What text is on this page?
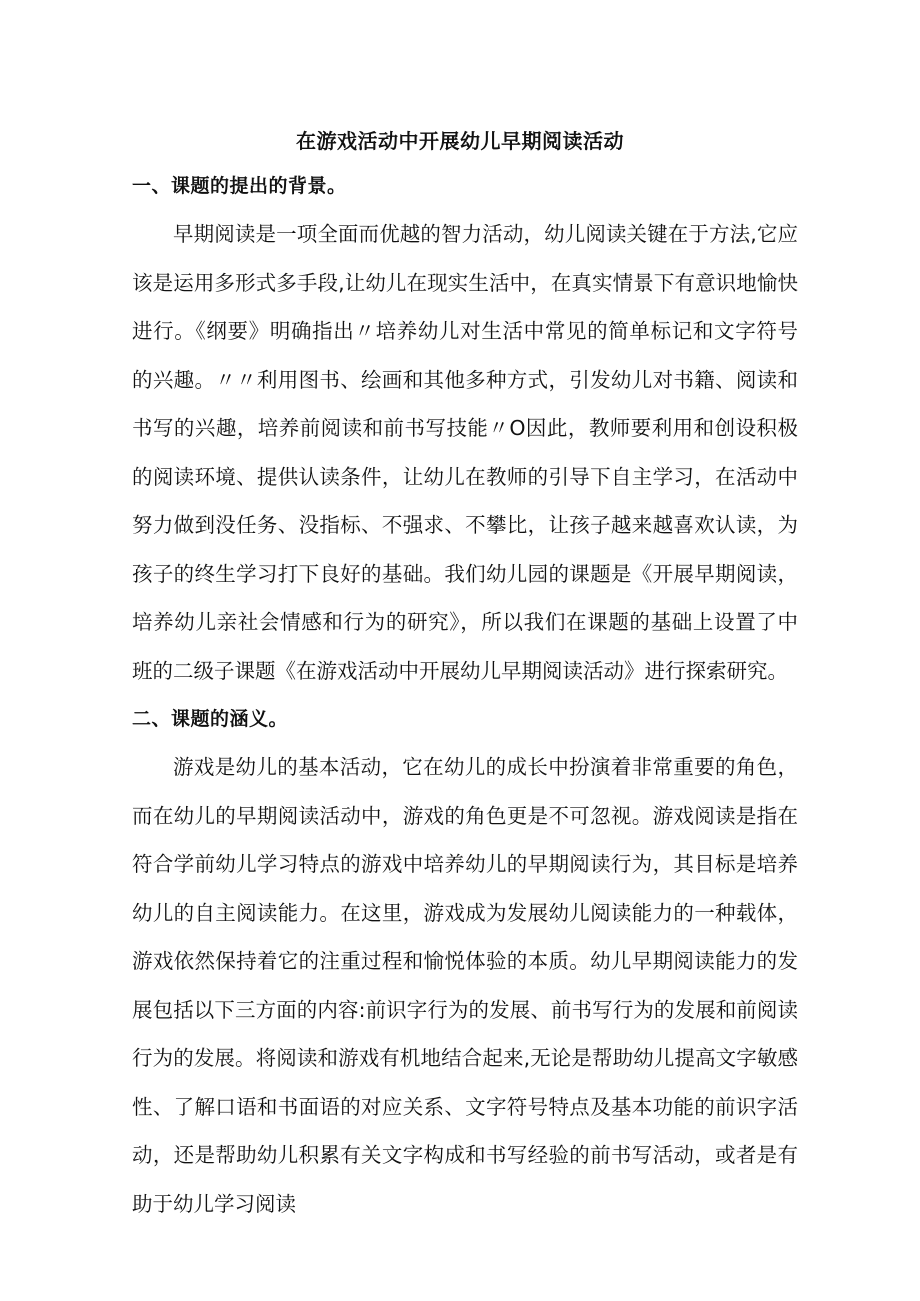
在游戏活动中开展幼儿早期阅读活动
一、课题的提出的背景。

早期阅读是一项全面而优越的智力活动，幼儿阅读关键在于方法,它应该是运用多形式多手段,让幼儿在现实生活中，在真实情景下有意识地愉快进行。《纲要》明确指出〃培养幼儿对生活中常见的简单标记和文字符号的兴趣。〃〃利用图书、绘画和其他多种方式，引发幼儿对书籍、阅读和书写的兴趣，培养前阅读和前书写技能〃O因此，教师要利用和创设积极的阅读环境、提供认读条件，让幼儿在教师的引导下自主学习，在活动中努力做到没任务、没指标、不强求、不攀比，让孩子越来越喜欢认读，为孩子的终生学习打下良好的基础。我们幼儿园的课题是《开展早期阅读，培养幼儿亲社会情感和行为的研究》，所以我们在课题的基础上设置了中班的二级子课题《在游戏活动中开展幼儿早期阅读活动》进行探索研究。

二、课题的涵义。

游戏是幼儿的基本活动，它在幼儿的成长中扮演着非常重要的角色，而在幼儿的早期阅读活动中，游戏的角色更是不可忽视。游戏阅读是指在符合学前幼儿学习特点的游戏中培养幼儿的早期阅读行为，其目标是培养幼儿的自主阅读能力。在这里，游戏成为发展幼儿阅读能力的一种载体，游戏依然保持着它的注重过程和愉悦体验的本质。幼儿早期阅读能力的发展包括以下三方面的内容:前识字行为的发展、前书写行为的发展和前阅读行为的发展。将阅读和游戏有机地结合起来,无论是帮助幼儿提高文字敏感性、了解口语和书面语的对应关系、文字符号特点及基本功能的前识字活动，还是帮助幼儿积累有关文字构成和书写经验的前书写活动，或者是有助于幼儿学习阅读
